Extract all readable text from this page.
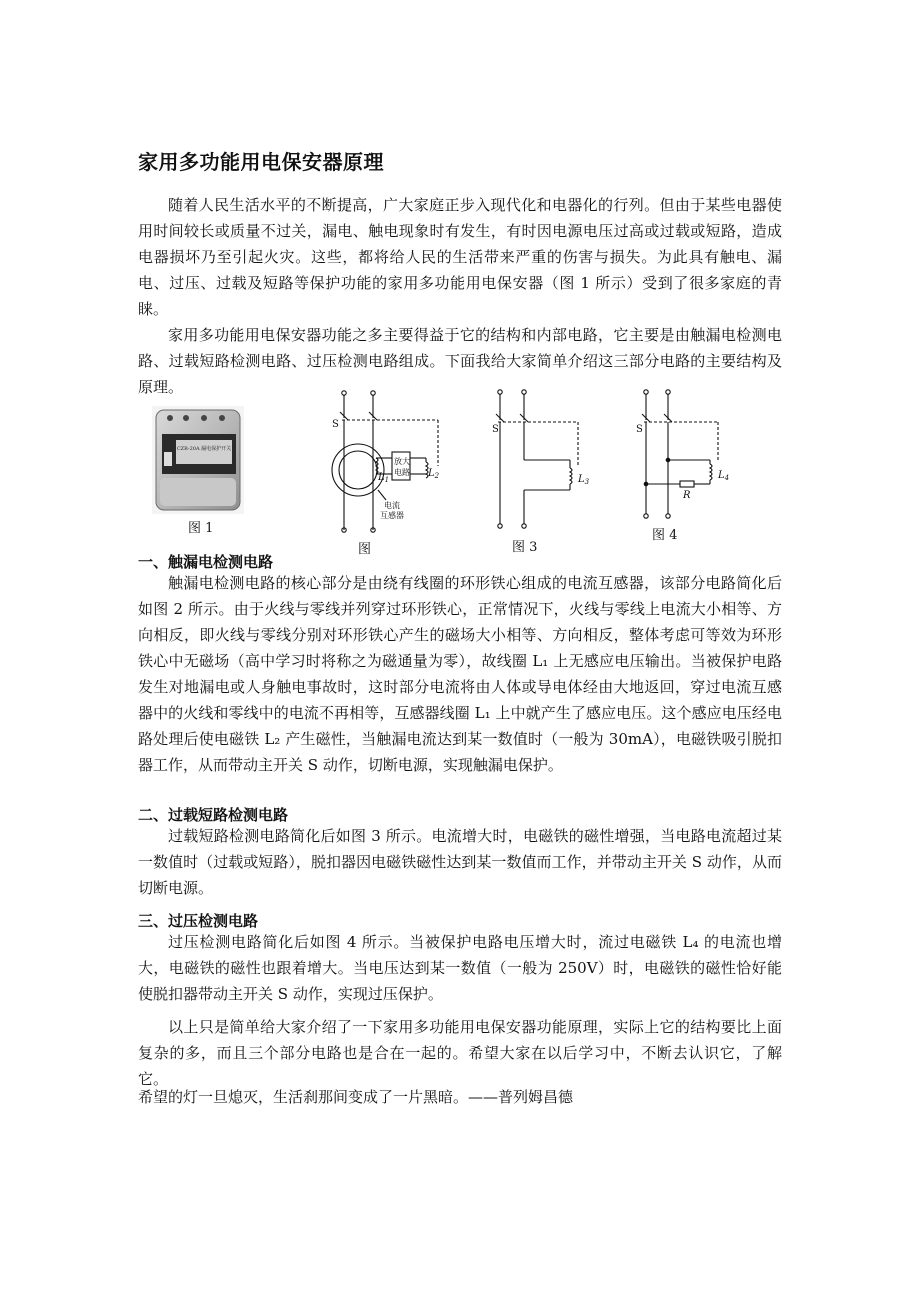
家用多功能用电保安器原理

随着人民生活水平的不断提高，广大家庭正步入现代化和电器化的行列。但由于某些电器使用时间较长或质量不过关，漏电、触电现象时有发生，有时因电源电压过高或过载或短路，造成电器损坏乃至引起火灾。这些，都将给人民的生活带来严重的伤害与损失。为此具有触电、漏电、过压、过载及短路等保护功能的家用多功能用电保安器（图 1 所示）受到了很多家庭的青睐。

家用多功能用电保安器功能之多主要得益于它的结构和内部电路，它主要是由触漏电检测电路、过载短路检测电路、过压检测电路组成。下面我给大家简单介绍这三部分电路的主要结构及原理。

CZB-20A 漏电保护开关
图 1
S
$L_1$
放大
电路 $L_2$
电流
互感器
图
S
$L_3$
图 3
S
$L_4$
R
图 4
一、触漏电检测电路

触漏电检测电路的核心部分是由绕有线圈的环形铁心组成的电流互感器，该部分电路简化后如图 2 所示。由于火线与零线并列穿过环形铁心，正常情况下，火线与零线上电流大小相等、方向相反，即火线与零线分别对环形铁心产生的磁场大小相等、方向相反，整体考虑可等效为环形铁心中无磁场（高中学习时将称之为磁通量为零），故线圈 L₁ 上无感应电压输出。当被保护电路发生对地漏电或人身触电事故时，这时部分电流将由人体或导电体经由大地返回，穿过电流互感器中的火线和零线中的电流不再相等，互感器线圈 L₁ 上中就产生了感应电压。这个感应电压经电路处理后使电磁铁 L₂ 产生磁性，当触漏电流达到某一数值时（一般为 30mA），电磁铁吸引脱扣器工作，从而带动主开关 S 动作，切断电源，实现触漏电保护。

二、过载短路检测电路

过载短路检测电路简化后如图 3 所示。电流增大时，电磁铁的磁性增强，当电路电流超过某一数值时（过载或短路），脱扣器因电磁铁磁性达到某一数值而工作，并带动主开关 S 动作，从而切断电源。

三、过压检测电路

过压检测电路简化后如图 4 所示。当被保护电路电压增大时，流过电磁铁 L₄ 的电流也增大，电磁铁的磁性也跟着增大。当电压达到某一数值（一般为 250V）时，电磁铁的磁性恰好能使脱扣器带动主开关 S 动作，实现过压保护。

以上只是简单给大家介绍了一下家用多功能用电保安器功能原理，实际上它的结构要比上面复杂的多，而且三个部分电路也是合在一起的。希望大家在以后学习中，不断去认识它，了解它。

希望的灯一旦熄灭，生活刹那间变成了一片黑暗。——普列姆昌德
